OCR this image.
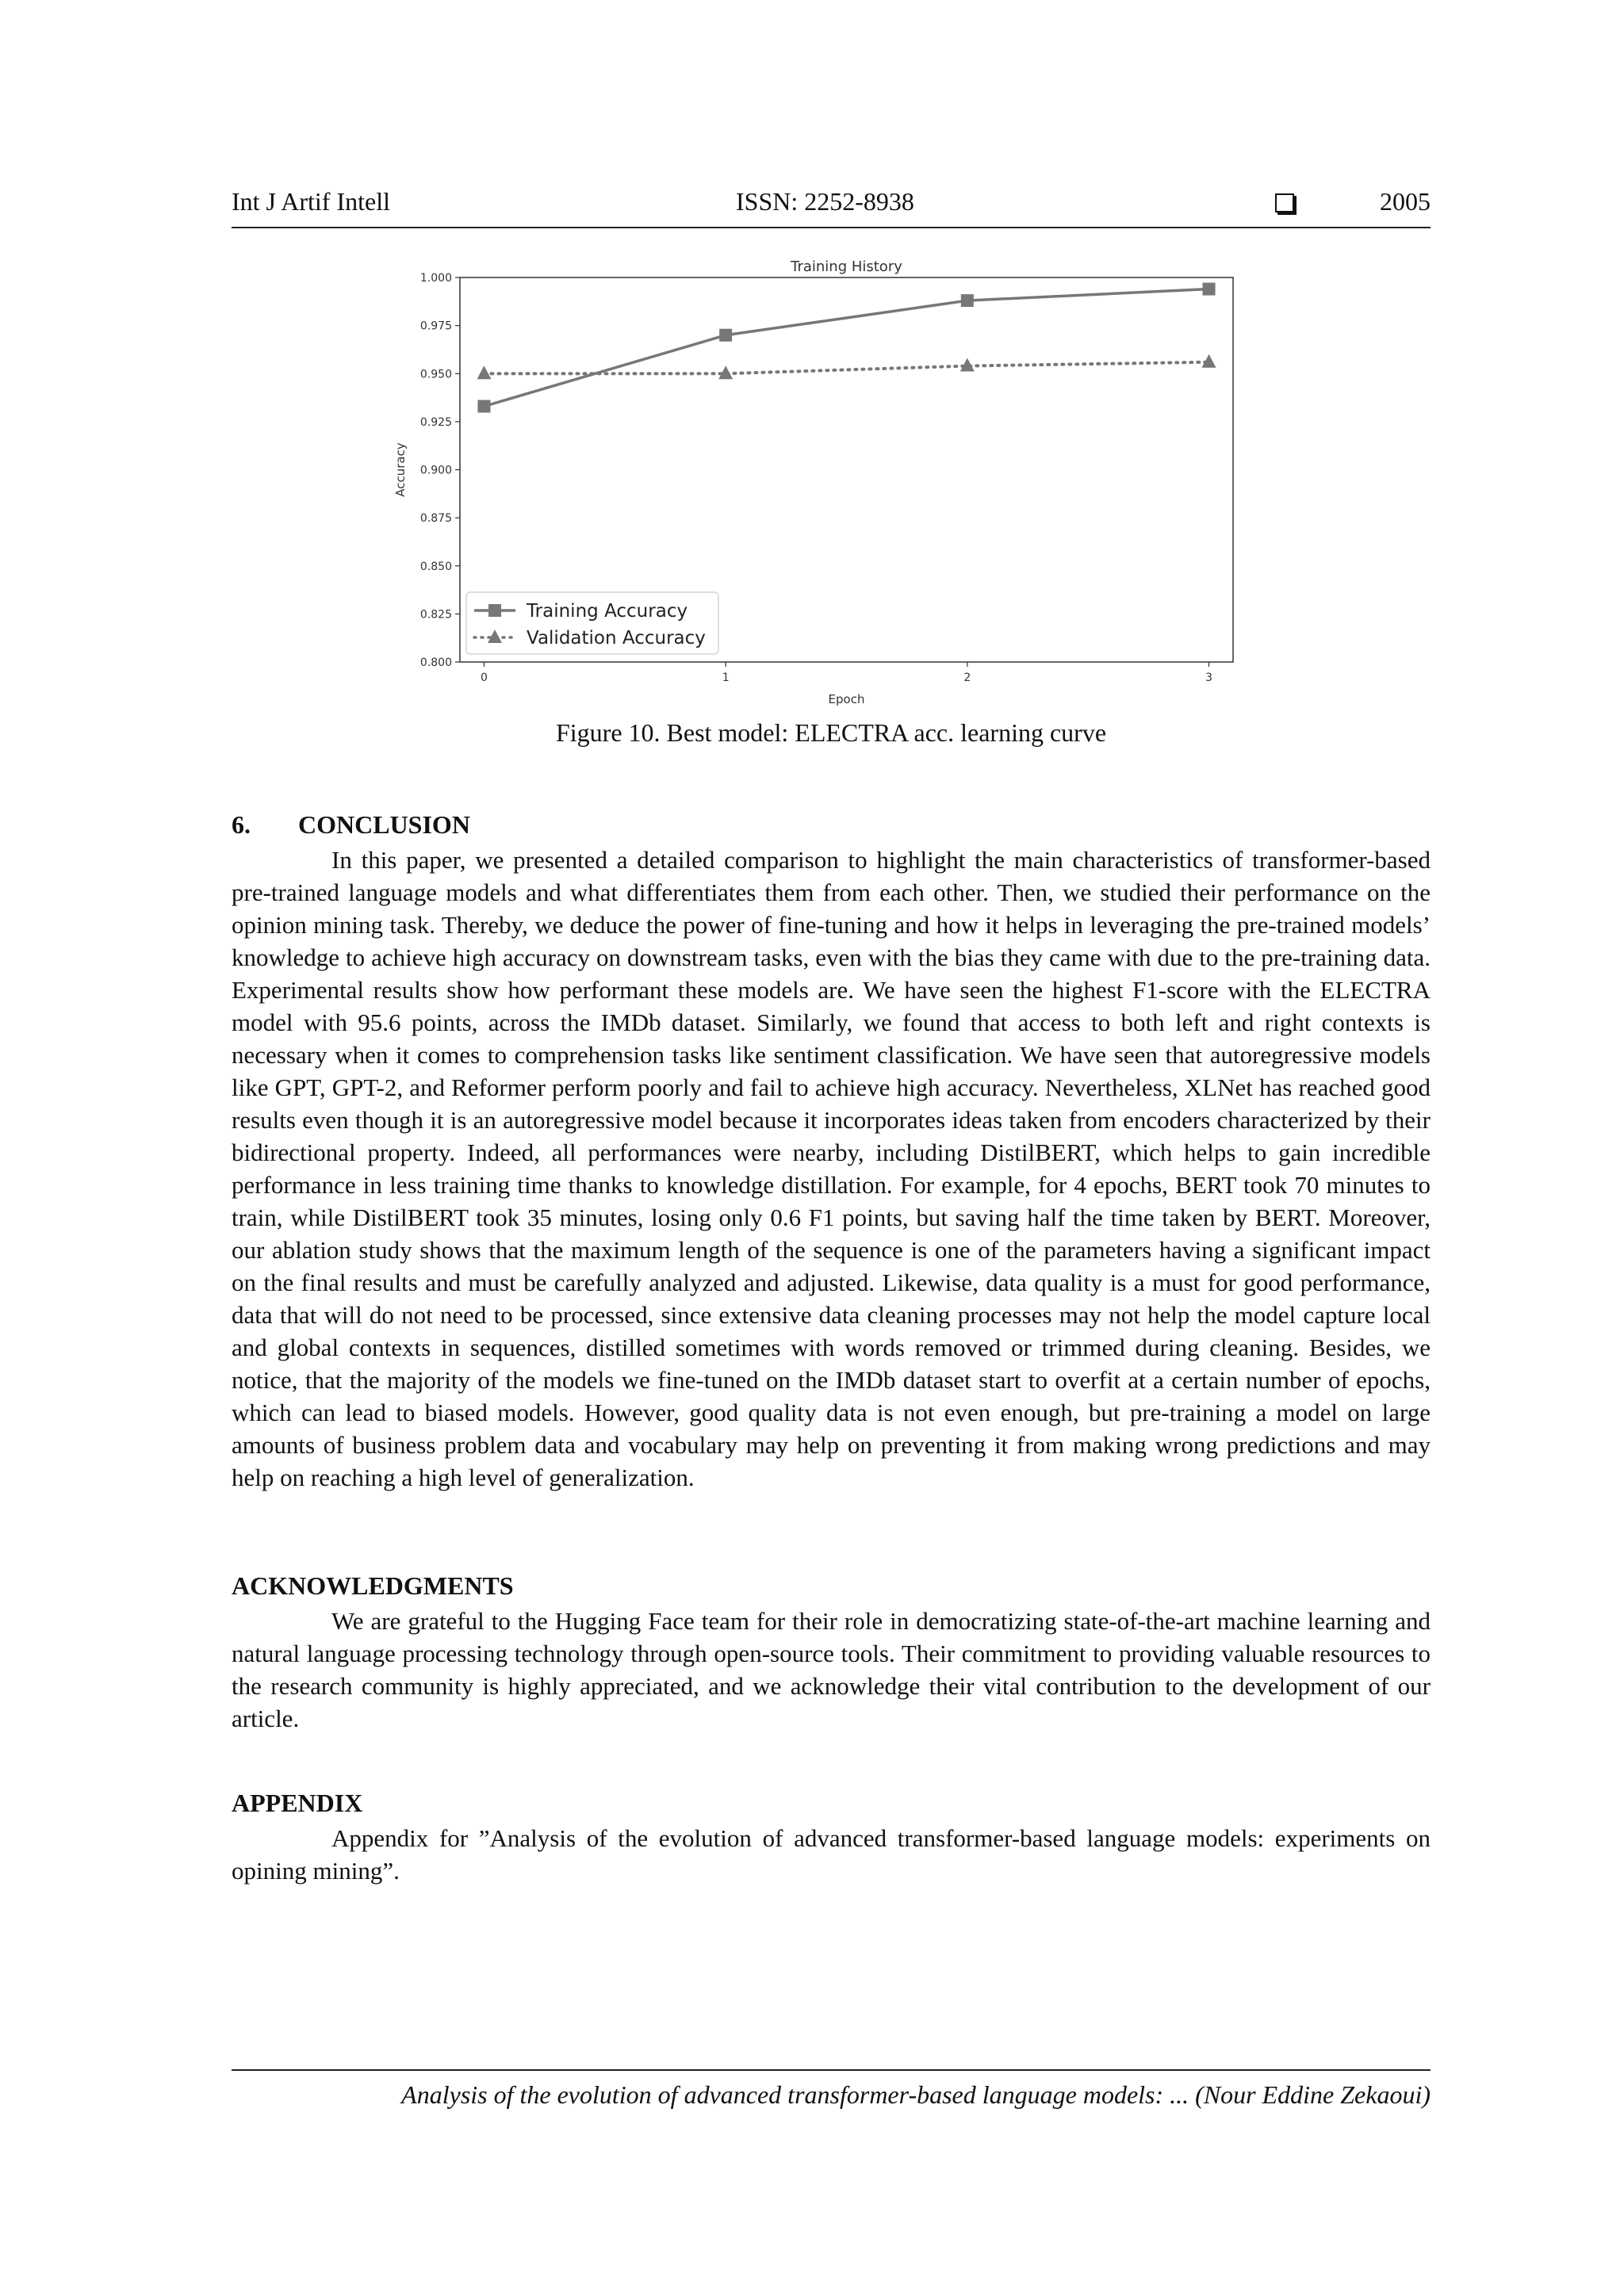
Int J Artif Intell	ISSN: 2252-8938	2005
Training History
Epoch
Accuracy
0.800
0.825
0.850
0.875
0.900
0.925
0.950
0.975
1.000
0	1	2	3
Training Accuracy
Validation Accuracy
Figure 10. Best model: ELECTRA acc. learning curve
6. CONCLUSION

In this paper, we presented a detailed comparison to highlight the main characteristics of transformer-based pre-trained language models and what differentiates them from each other. Then, we studied their performance on the opinion mining task. Thereby, we deduce the power of fine-tuning and how it helps in leveraging the pre-trained models’ knowledge to achieve high accuracy on downstream tasks, even with the bias they came with due to the pre-training data. Experimental results show how performant these models are. We have seen the highest F1-score with the ELECTRA model with 95.6 points, across the IMDb dataset. Similarly, we found that access to both left and right contexts is necessary when it comes to comprehension tasks like sentiment classification. We have seen that autoregressive models like GPT, GPT-2, and Reformer perform poorly and fail to achieve high accuracy. Nevertheless, XLNet has reached good results even though it is an autoregressive model because it incorporates ideas taken from encoders characterized by their bidirectional property. Indeed, all performances were nearby, including DistilBERT, which helps to gain incredible performance in less training time thanks to knowledge distillation. For example, for 4 epochs, BERT took 70 minutes to train, while DistilBERT took 35 minutes, losing only 0.6 F1 points, but saving half the time taken by BERT. Moreover, our ablation study shows that the maximum length of the sequence is one of the parameters having a significant impact on the final results and must be carefully analyzed and adjusted. Likewise, data quality is a must for good performance, data that will do not need to be processed, since extensive data cleaning processes may not help the model capture local and global contexts in sequences, distilled sometimes with words removed or trimmed during cleaning. Besides, we notice, that the majority of the models we fine-tuned on the IMDb dataset start to overfit at a certain number of epochs, which can lead to biased models. However, good quality data is not even enough, but pre-training a model on large amounts of business problem data and vocabulary may help on preventing it from making wrong predictions and may help on reaching a high level of generalization.

ACKNOWLEDGMENTS

We are grateful to the Hugging Face team for their role in democratizing state-of-the-art machine learning and natural language processing technology through open-source tools. Their commitment to providing valuable resources to the research community is highly appreciated, and we acknowledge their vital contribution to the development of our article.

APPENDIX

Appendix for ”Analysis of the evolution of advanced transformer-based language models: experiments on opining mining”.

Analysis of the evolution of advanced transformer-based language models: ... (Nour Eddine Zekaoui)
